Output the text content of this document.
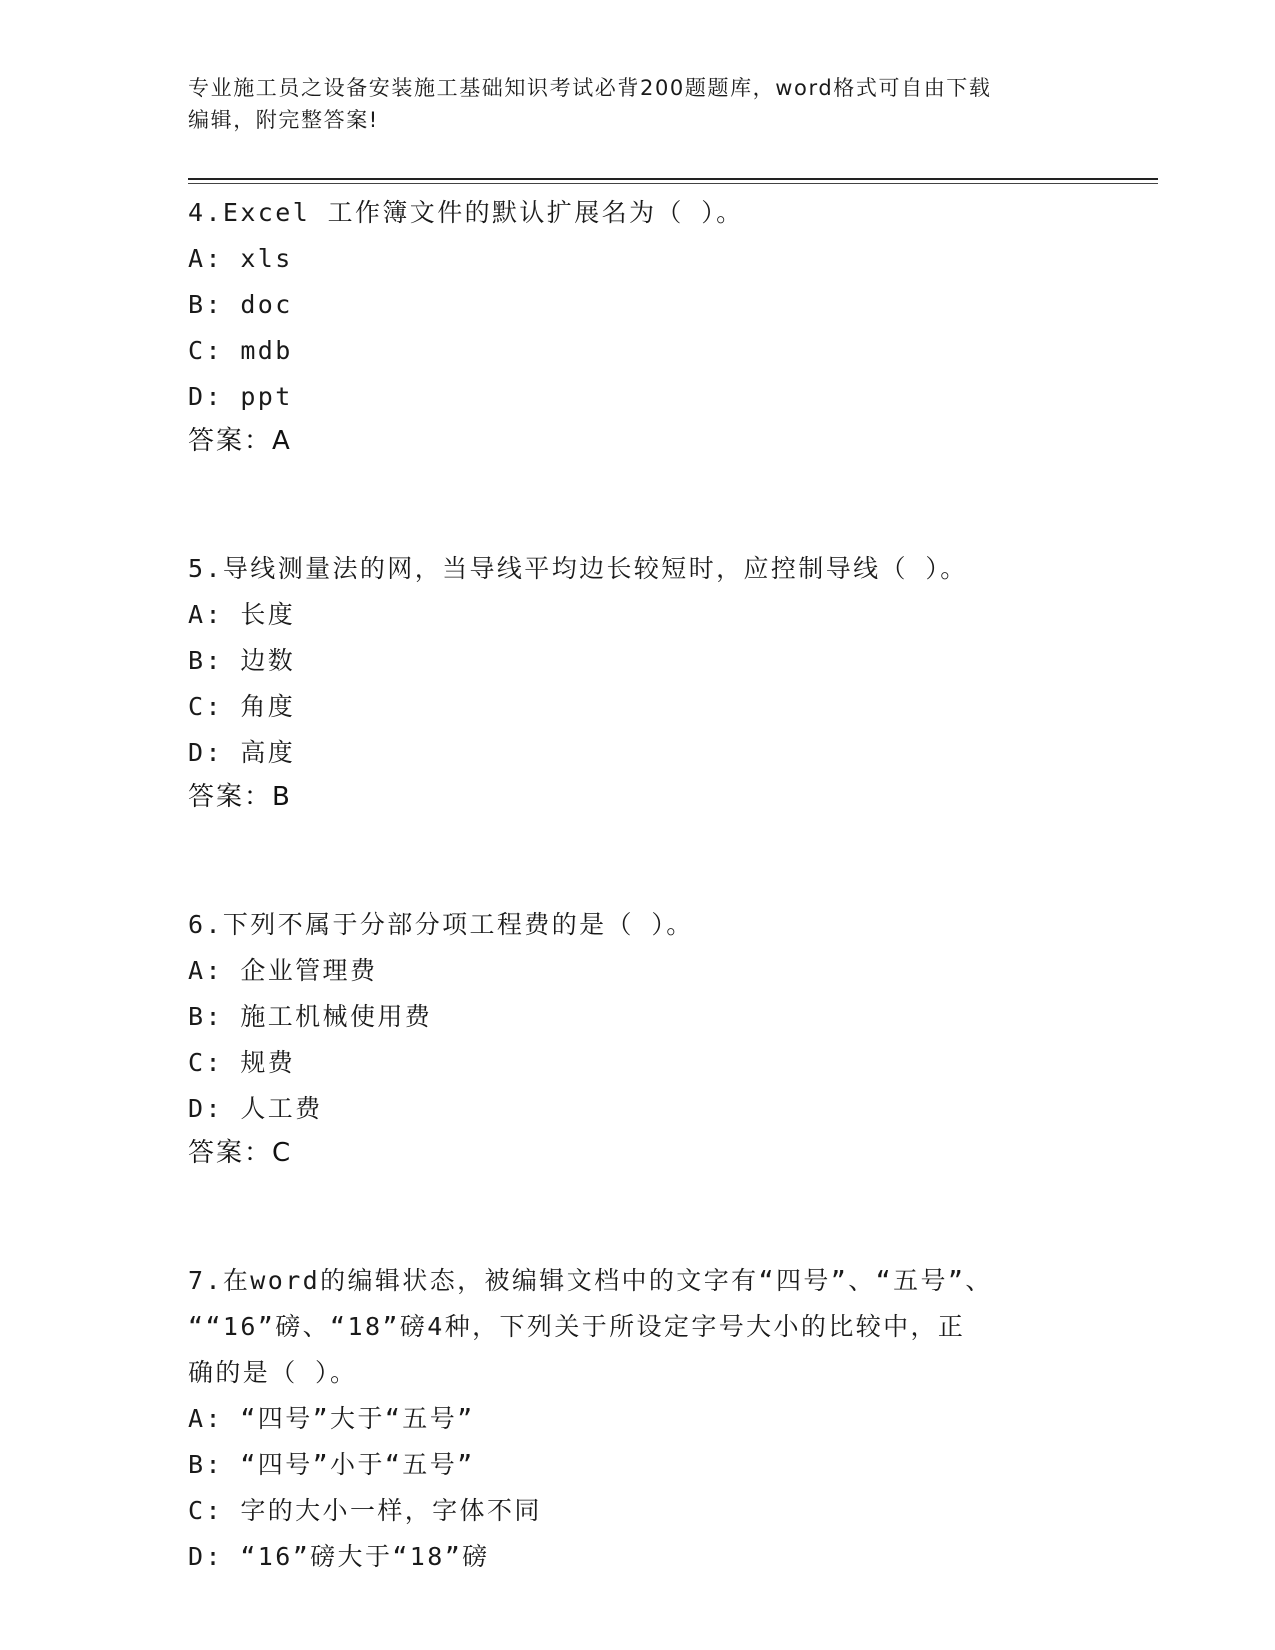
专业施工员之设备安装施工基础知识考试必背200题题库，word格式可自由下载
编辑，附完整答案!
4.Excel 工作簿文件的默认扩展名为（ ）。
A: xls
B: doc
C: mdb
D: ppt
答案：A
5.导线测量法的网，当导线平均边长较短时，应控制导线（ ）。
A: 长度
B: 边数
C: 角度
D: 高度
答案：B
6.下列不属于分部分项工程费的是（ ）。
A: 企业管理费
B: 施工机械使用费
C: 规费
D: 人工费
答案：C
7.在word的编辑状态，被编辑文档中的文字有“四号”、“五号”、
““16”磅、“18”磅4种，下列关于所设定字号大小的比较中，正
确的是（ ）。
A: “四号”大于“五号”
B: “四号”小于“五号”
C: 字的大小一样，字体不同
D: “16”磅大于“18”磅
